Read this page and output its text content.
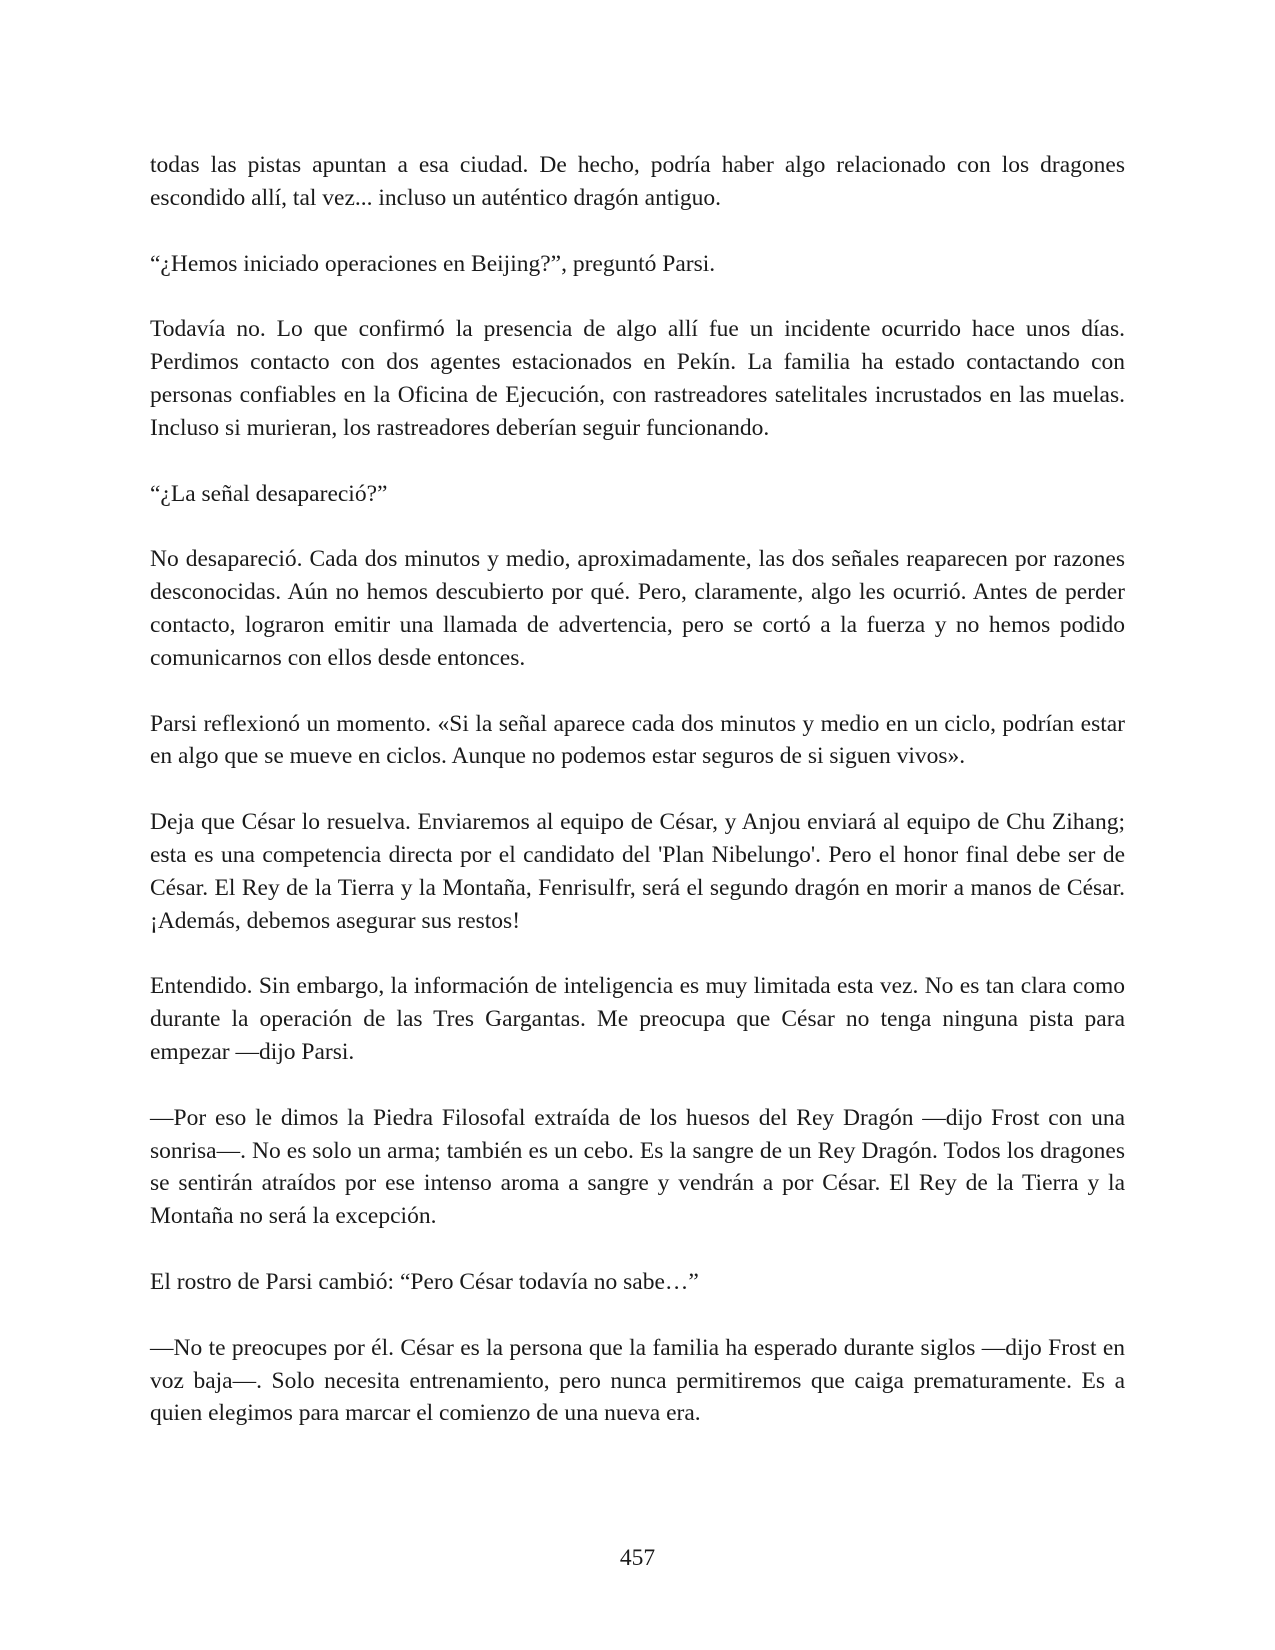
todas las pistas apuntan a esa ciudad. De hecho, podría haber algo relacionado con los dragones escondido allí, tal vez... incluso un auténtico dragón antiguo.

“¿Hemos iniciado operaciones en Beijing?”, preguntó Parsi.

Todavía no. Lo que confirmó la presencia de algo allí fue un incidente ocurrido hace unos días. Perdimos contacto con dos agentes estacionados en Pekín. La familia ha estado contactando con personas confiables en la Oficina de Ejecución, con rastreadores satelitales incrustados en las muelas. Incluso si murieran, los rastreadores deberían seguir funcionando.

“¿La señal desapareció?”

No desapareció. Cada dos minutos y medio, aproximadamente, las dos señales reaparecen por razones desconocidas. Aún no hemos descubierto por qué. Pero, claramente, algo les ocurrió. Antes de perder contacto, lograron emitir una llamada de advertencia, pero se cortó a la fuerza y no hemos podido comunicarnos con ellos desde entonces.

Parsi reflexionó un momento. «Si la señal aparece cada dos minutos y medio en un ciclo, podrían estar en algo que se mueve en ciclos. Aunque no podemos estar seguros de si siguen vivos».

Deja que César lo resuelva. Enviaremos al equipo de César, y Anjou enviará al equipo de Chu Zihang; esta es una competencia directa por el candidato del 'Plan Nibelungo'. Pero el honor final debe ser de César. El Rey de la Tierra y la Montaña, Fenrisulfr, será el segundo dragón en morir a manos de César. ¡Además, debemos asegurar sus restos!

Entendido. Sin embargo, la información de inteligencia es muy limitada esta vez. No es tan clara como durante la operación de las Tres Gargantas. Me preocupa que César no tenga ninguna pista para empezar —dijo Parsi.

—Por eso le dimos la Piedra Filosofal extraída de los huesos del Rey Dragón —dijo Frost con una sonrisa—. No es solo un arma; también es un cebo. Es la sangre de un Rey Dragón. Todos los dragones se sentirán atraídos por ese intenso aroma a sangre y vendrán a por César. El Rey de la Tierra y la Montaña no será la excepción.

El rostro de Parsi cambió: “Pero César todavía no sabe…”

—No te preocupes por él. César es la persona que la familia ha esperado durante siglos —dijo Frost en voz baja—. Solo necesita entrenamiento, pero nunca permitiremos que caiga prematuramente. Es a quien elegimos para marcar el comienzo de una nueva era.

457
